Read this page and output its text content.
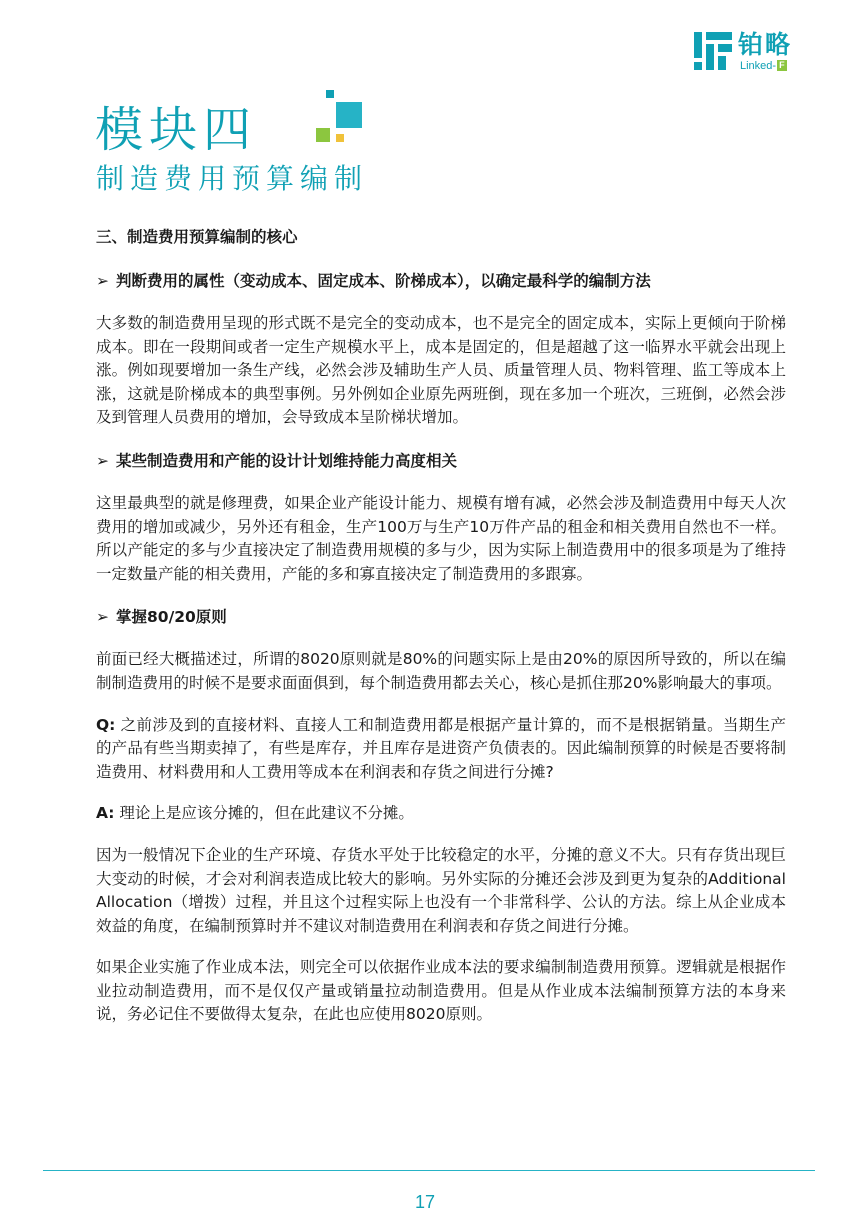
铂略
Linked- F
模块四
制造费用预算编制
三、制造费用预算编制的核心
➢ 判断费用的属性（变动成本、固定成本、阶梯成本），以确定最科学的编制方法

大多数的制造费用呈现的形式既不是完全的变动成本，也不是完全的固定成本，实际上更倾向于阶梯成本。即在一段期间或者一定生产规模水平上，成本是固定的，但是超越了这一临界水平就会出现上涨。例如现要增加一条生产线，必然会涉及辅助生产人员、质量管理人员、物料管理、监工等成本上涨，这就是阶梯成本的典型事例。另外例如企业原先两班倒，现在多加一个班次，三班倒，必然会涉及到管理人员费用的增加，会导致成本呈阶梯状增加。

➢ 某些制造费用和产能的设计计划维持能力高度相关

这里最典型的就是修理费，如果企业产能设计能力、规模有增有减，必然会涉及制造费用中每天人次费用的增加或减少，另外还有租金，生产100万与生产10万件产品的租金和相关费用自然也不一样。所以产能定的多与少直接决定了制造费用规模的多与少，因为实际上制造费用中的很多项是为了维持一定数量产能的相关费用，产能的多和寡直接决定了制造费用的多跟寡。

➢ 掌握80/20原则

前面已经大概描述过，所谓的8020原则就是80%的问题实际上是由20%的原因所导致的，所以在编制制造费用的时候不是要求面面俱到，每个制造费用都去关心，核心是抓住那20%影响最大的事项。

Q: 之前涉及到的直接材料、直接人工和制造费用都是根据产量计算的，而不是根据销量。当期生产的产品有些当期卖掉了，有些是库存，并且库存是进资产负债表的。因此编制预算的时候是否要将制造费用、材料费用和人工费用等成本在利润表和存货之间进行分摊?

A: 理论上是应该分摊的，但在此建议不分摊。

因为一般情况下企业的生产环境、存货水平处于比较稳定的水平，分摊的意义不大。只有存货出现巨大变动的时候，才会对利润表造成比较大的影响。另外实际的分摊还会涉及到更为复杂的Additional Allocation（增拨）过程，并且这个过程实际上也没有一个非常科学、公认的方法。综上从企业成本效益的角度，在编制预算时并不建议对制造费用在利润表和存货之间进行分摊。

如果企业实施了作业成本法，则完全可以依据作业成本法的要求编制制造费用预算。逻辑就是根据作业拉动制造费用，而不是仅仅产量或销量拉动制造费用。但是从作业成本法编制预算方法的本身来说，务必记住不要做得太复杂，在此也应使用8020原则。

17
